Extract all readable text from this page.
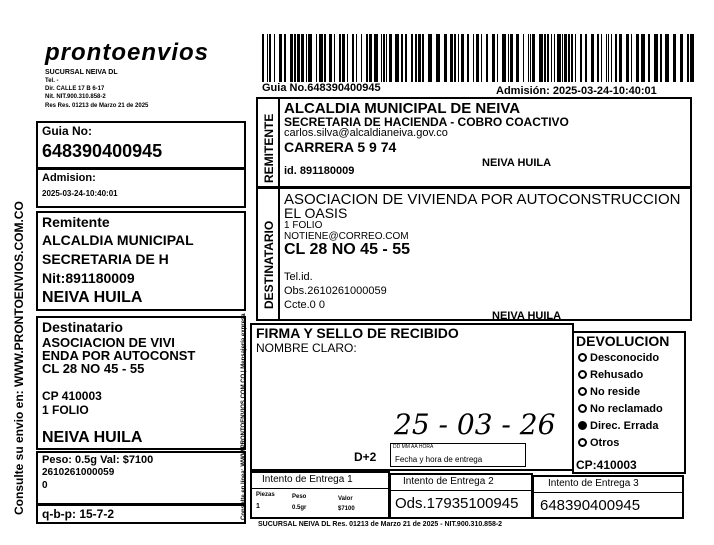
prontoenvios
SUCURSAL NEIVA DL
Tel. -
Dir. CALLE 17 B 6-17
Nit. NIT.900.310.858-2
Res Res. 01213 de Marzo 21 de 2025
Consulte su envio en: WWW.PRONTOENVIOS.COM.CO
Guia No:
648390400945
Admision:
2025-03-24-10:40:01
Remitente
ALCALDIA MUNICIPAL
SECRETARIA DE H
Nit:891180009
NEIVA HUILA
Destinatario
ASOCIACION DE VIVI
ENDA POR AUTOCONST
CL 28 NO 45 - 55
CP 410003
1 FOLIO
NEIVA HUILA
Peso: 0.5g Val: $7100
2610261000059
0
q-b-p: 15-7-2
Guia No.648390400945	Admisión: 2025-03-24-10:40:01
Consulte en línea: WWW.PRONTOENVIOS.COM.CO | Mensajería expresa
REMITENTE
ALCALDIA MUNICIPAL DE NEIVA
SECRETARIA DE HACIENDA - COBRO COACTIVO
carlos.silva@alcaldianeiva.gov.co
CARRERA 5 9 74
NEIVA HUILA
id. 891180009
DESTINATARIO
ASOCIACION DE VIVIENDA POR AUTOCONSTRUCCION
EL OASIS
1 FOLIO
NOTIENE@CORREO.COM
CL 28 NO 45 - 55
Tel.id.
Obs.2610261000059
Ccte.0 0
NEIVA HUILA
FIRMA Y SELLO DE RECIBIDO
NOMBRE CLARO:
25 - 03 - 26
D+2
DD MM AA HORA
Fecha y hora de entrega
DEVOLUCION
Desconocido
Rehusado
No reside
No reclamado
Direc. Errada
Otros
CP:410003
Intento de Entrega 1
Piezas	Peso	Valor
1	0.5gr	$7100
Intento de Entrega 2
Ods.17935100945
Intento de Entrega 3
648390400945
SUCURSAL NEIVA DL Res. 01213 de Marzo 21 de 2025 - NIT.900.310.858-2
